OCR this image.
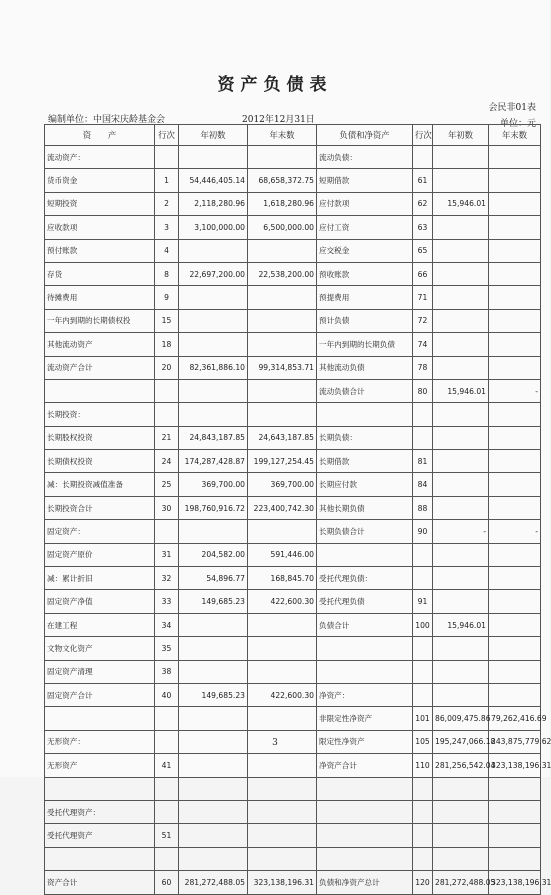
资产负债表
会民非01表
编制单位：中国宋庆龄基金会	2012年12月31日	单位：元
资　　产	行次	年初数	年末数	负债和净资产	行次	年初数	年末数
流动资产：				流动负债：			
货币资金	1	54,446,405.14	68,658,372.75	短期借款	61		
短期投资	2	2,118,280.96	1,618,280.96	应付款项	62	15,946.01	
应收款项	3	3,100,000.00	6,500,000.00	应付工资	63		
预付账款	4			应交税金	65		
存货	8	22,697,200.00	22,538,200.00	预收账款	66		
待摊费用	9			预提费用	71		
一年内到期的长期债权投	15			预计负债	72		
其他流动资产	18			一年内到期的长期负债	74		
流动资产合计	20	82,361,886.10	99,314,853.71	其他流动负债	78		
				流动负债合计	80	15,946.01	-
长期投资：							
长期股权投资	21	24,843,187.85	24,643,187.85	长期负债：			
长期债权投资	24	174,287,428.87	199,127,254.45	长期借款	81		
减：长期投资减值准备	25	369,700.00	369,700.00	长期应付款	84		
长期投资合计	30	198,760,916.72	223,400,742.30	其他长期负债	88		
固定资产：				长期负债合计	90	-	-
固定资产原价	31	204,582.00	591,446.00				
减：累计折旧	32	54,896.77	168,845.70	受托代理负债：			
固定资产净值	33	149,685.23	422,600.30	受托代理负债	91		
在建工程	34			负债合计	100	15,946.01	
文物文化资产	35						
固定资产清理	38						
固定资产合计	40	149,685.23	422,600.30	净资产：			
				非限定性净资产	101	86,009,475.86	79,262,416.69
无形资产：				限定性净资产	105	195,247,066.18	243,875,779.62
无形资产	41			净资产合计	110	281,256,542.04	323,138,196.31

受托代理资产：							
受托代理资产	51						

资产合计	60	281,272,488.05	323,138,196.31	负债和净资产总计	120	281,272,488.05	323,138,196.31
3
